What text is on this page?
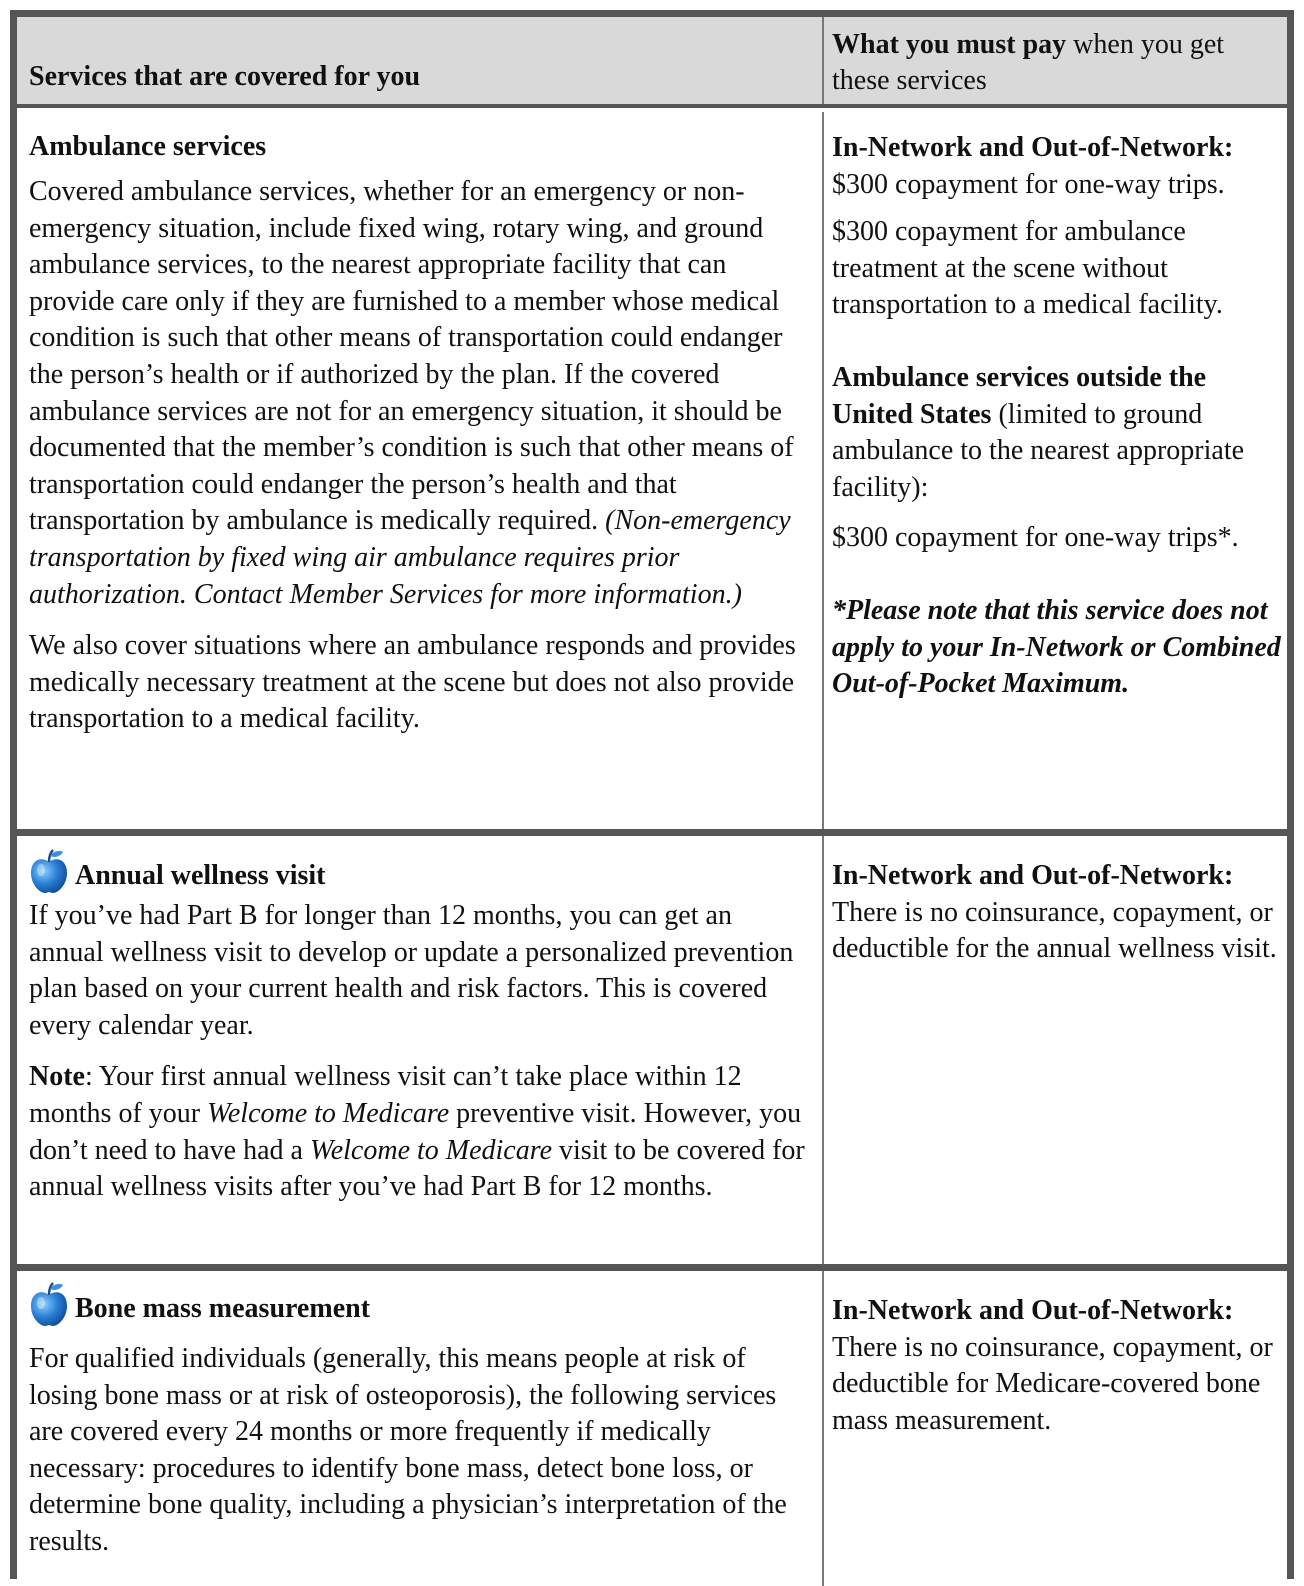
Services that are covered for you
What you must pay when you get these services

Ambulance services

Covered ambulance services, whether for an emergency or non-emergency situation, include fixed wing, rotary wing, and ground ambulance services, to the nearest appropriate facility that can provide care only if they are furnished to a member whose medical condition is such that other means of transportation could endanger the person’s health or if authorized by the plan. If the covered ambulance services are not for an emergency situation, it should be documented that the member’s condition is such that other means of transportation could endanger the person’s health and that transportation by ambulance is medically required. (Non-emergency transportation by fixed wing air ambulance requires prior authorization. Contact Member Services for more information.)

We also cover situations where an ambulance responds and provides medically necessary treatment at the scene but does not also provide transportation to a medical facility.

In-Network and Out-of-Network: $300 copayment for one-way trips.

$300 copayment for ambulance treatment at the scene without transportation to a medical facility.

Ambulance services outside the United States (limited to ground ambulance to the nearest appropriate facility):

$300 copayment for one-way trips*.

*Please note that this service does not apply to your In-Network or Combined Out-of-Pocket Maximum.

Annual wellness visit

If you’ve had Part B for longer than 12 months, you can get an annual wellness visit to develop or update a personalized prevention plan based on your current health and risk factors. This is covered every calendar year.

Note: Your first annual wellness visit can’t take place within 12 months of your Welcome to Medicare preventive visit. However, you don’t need to have had a Welcome to Medicare visit to be covered for annual wellness visits after you’ve had Part B for 12 months.

In-Network and Out-of-Network: There is no coinsurance, copayment, or deductible for the annual wellness visit.

Bone mass measurement

For qualified individuals (generally, this means people at risk of losing bone mass or at risk of osteoporosis), the following services are covered every 24 months or more frequently if medically necessary: procedures to identify bone mass, detect bone loss, or determine bone quality, including a physician’s interpretation of the results.

In-Network and Out-of-Network: There is no coinsurance, copayment, or deductible for Medicare-covered bone mass measurement.
